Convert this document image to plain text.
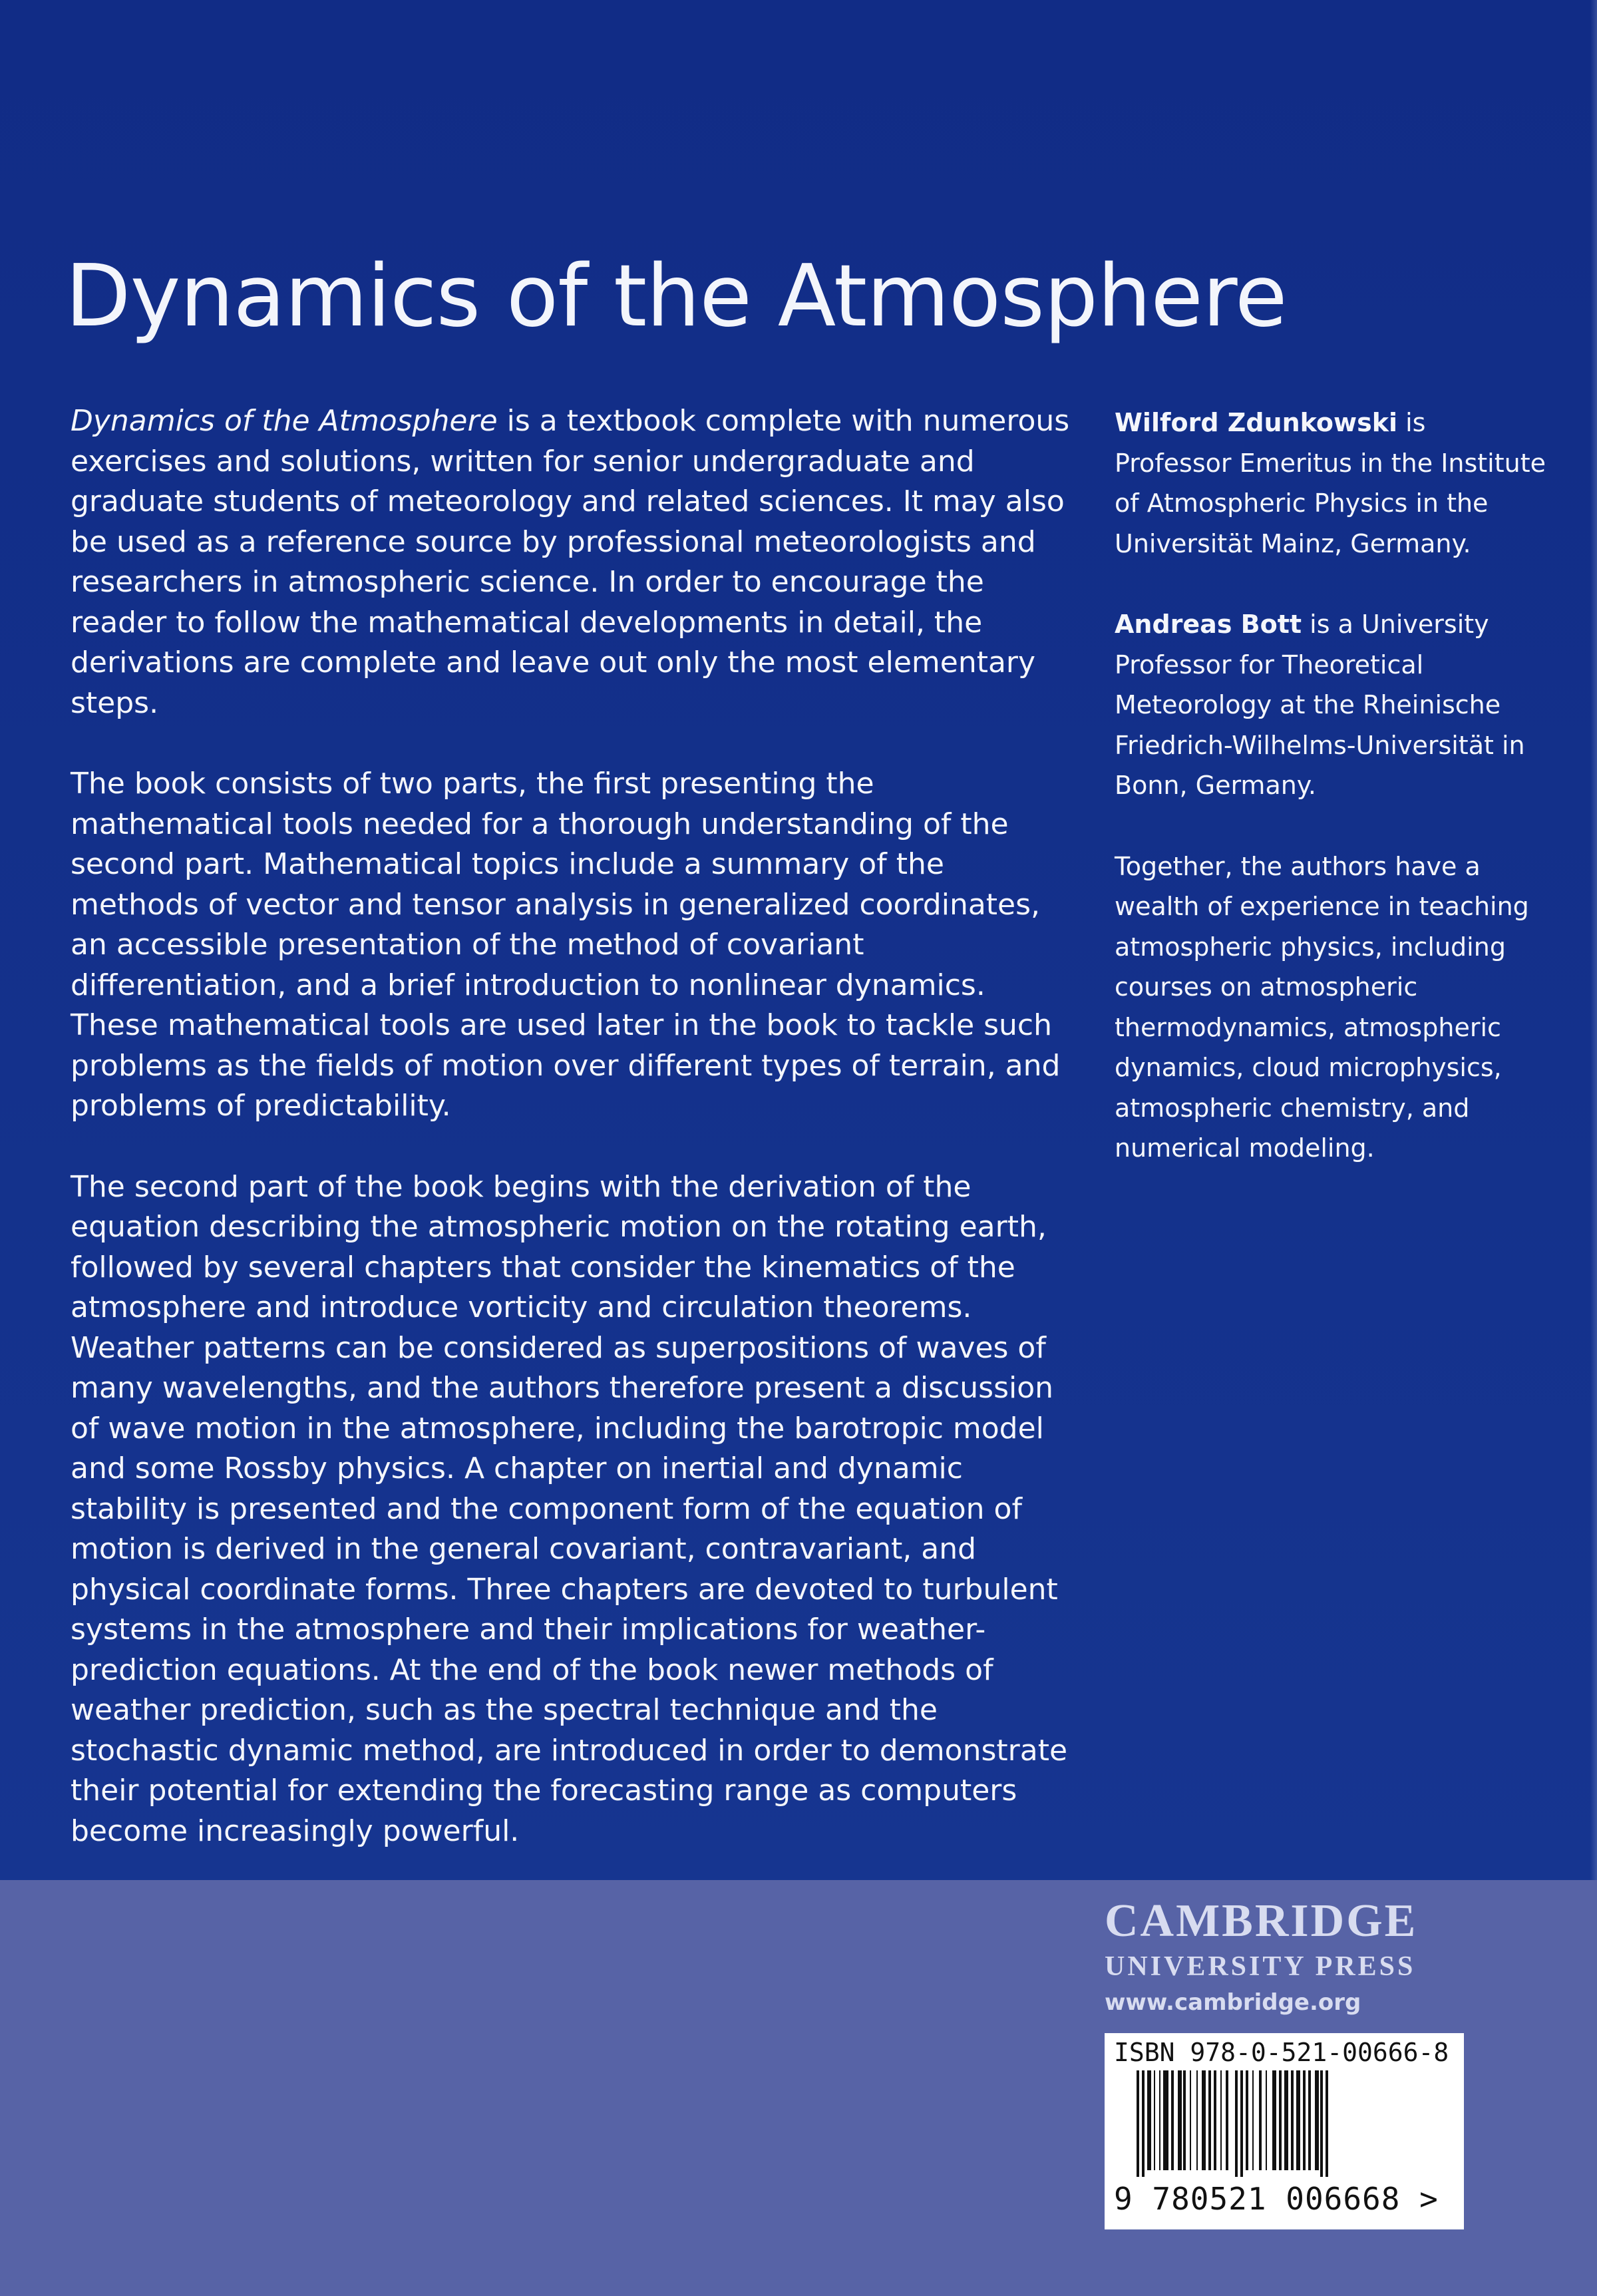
Dynamics of the Atmosphere

Dynamics of the Atmosphere is a textbook complete with numerous exercises and solutions, written for senior undergraduate and graduate students of meteorology and related sciences. It may also be used as a reference source by professional meteorologists and researchers in atmospheric science. In order to encourage the reader to follow the mathematical developments in detail, the derivations are complete and leave out only the most elementary steps.

The book consists of two parts, the first presenting the mathematical tools needed for a thorough understanding of the second part. Mathematical topics include a summary of the methods of vector and tensor analysis in generalized coordinates, an accessible presentation of the method of covariant differentiation, and a brief introduction to nonlinear dynamics. These mathematical tools are used later in the book to tackle such problems as the fields of motion over different types of terrain, and problems of predictability.

The second part of the book begins with the derivation of the equation describing the atmospheric motion on the rotating earth, followed by several chapters that consider the kinematics of the atmosphere and introduce vorticity and circulation theorems. Weather patterns can be considered as superpositions of waves of many wavelengths, and the authors therefore present a discussion of wave motion in the atmosphere, including the barotropic model and some Rossby physics. A chapter on inertial and dynamic stability is presented and the component form of the equation of motion is derived in the general covariant, contravariant, and physical coordinate forms. Three chapters are devoted to turbulent systems in the atmosphere and their implications for weather-prediction equations. At the end of the book newer methods of weather prediction, such as the spectral technique and the stochastic dynamic method, are introduced in order to demonstrate their potential for extending the forecasting range as computers become increasingly powerful.

Wilford Zdunkowski is Professor Emeritus in the Institute of Atmospheric Physics in the Universität Mainz, Germany.

Andreas Bott is a University Professor for Theoretical Meteorology at the Rheinische Friedrich-Wilhelms-Universität in Bonn, Germany.

Together, the authors have a wealth of experience in teaching atmospheric physics, including courses on atmospheric thermodynamics, atmospheric dynamics, cloud microphysics, atmospheric chemistry, and numerical modeling.

CAMBRIDGE

UNIVERSITY PRESS

www.cambridge.org
ISBN 978-0-521-00666-8
9 780521 006668 >
